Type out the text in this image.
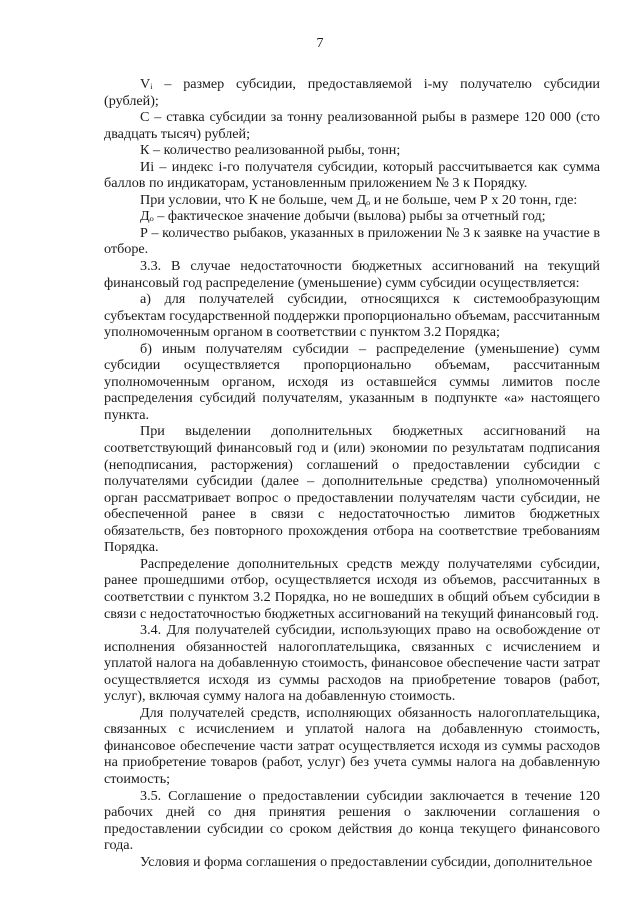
7

Vᵢ – размер субсидии, предоставляемой i-му получателю субсидии (рублей);

С – ставка субсидии за тонну реализованной рыбы в размере 120 000 (сто двадцать тысяч) рублей;

К – количество реализованной рыбы, тонн;

Иi – индекс i-го получателя субсидии, который рассчитывается как сумма баллов по индикаторам, установленным приложением № 3 к Порядку.

При условии, что К не больше, чем Дₒ и не больше, чем Р х 20 тонн, где:

Дₒ – фактическое значение добычи (вылова) рыбы за отчетный год;

Р – количество рыбаков, указанных в приложении № 3 к заявке на участие в отборе.

3.3. В случае недостаточности бюджетных ассигнований на текущий финансовый год распределение (уменьшение) сумм субсидии осуществляется:

а) для получателей субсидии, относящихся к системообразующим субъектам государственной поддержки пропорционально объемам, рассчитанным уполномоченным органом в соответствии с пунктом 3.2 Порядка;

б) иным получателям субсидии – распределение (уменьшение) сумм субсидии осуществляется пропорционально объемам, рассчитанным уполномоченным органом, исходя из оставшейся суммы лимитов после распределения субсидий получателям, указанным в подпункте «а» настоящего пункта.

При выделении дополнительных бюджетных ассигнований на соответствующий финансовый год и (или) экономии по результатам подписания (неподписания, расторжения) соглашений о предоставлении субсидии с получателями субсидии (далее – дополнительные средства) уполномоченный орган рассматривает вопрос о предоставлении получателям части субсидии, не обеспеченной ранее в связи с недостаточностью лимитов бюджетных обязательств, без повторного прохождения отбора на соответствие требованиям Порядка.

Распределение дополнительных средств между получателями субсидии, ранее прошедшими отбор, осуществляется исходя из объемов, рассчитанных в соответствии с пунктом 3.2 Порядка, но не вошедших в общий объем субсидии в связи с недостаточностью бюджетных ассигнований на текущий финансовый год.

3.4. Для получателей субсидии, использующих право на освобождение от исполнения обязанностей налогоплательщика, связанных с исчислением и уплатой налога на добавленную стоимость, финансовое обеспечение части затрат осуществляется исходя из суммы расходов на приобретение товаров (работ, услуг), включая сумму налога на добавленную стоимость.

Для получателей средств, исполняющих обязанность налогоплательщика, связанных с исчислением и уплатой налога на добавленную стоимость, финансовое обеспечение части затрат осуществляется исходя из суммы расходов на приобретение товаров (работ, услуг) без учета суммы налога на добавленную стоимость;

3.5. Соглашение о предоставлении субсидии заключается в течение 120 рабочих дней со дня принятия решения о заключении соглашения о предоставлении субсидии со сроком действия до конца текущего финансового года.

Условия и форма соглашения о предоставлении субсидии, дополнительное
